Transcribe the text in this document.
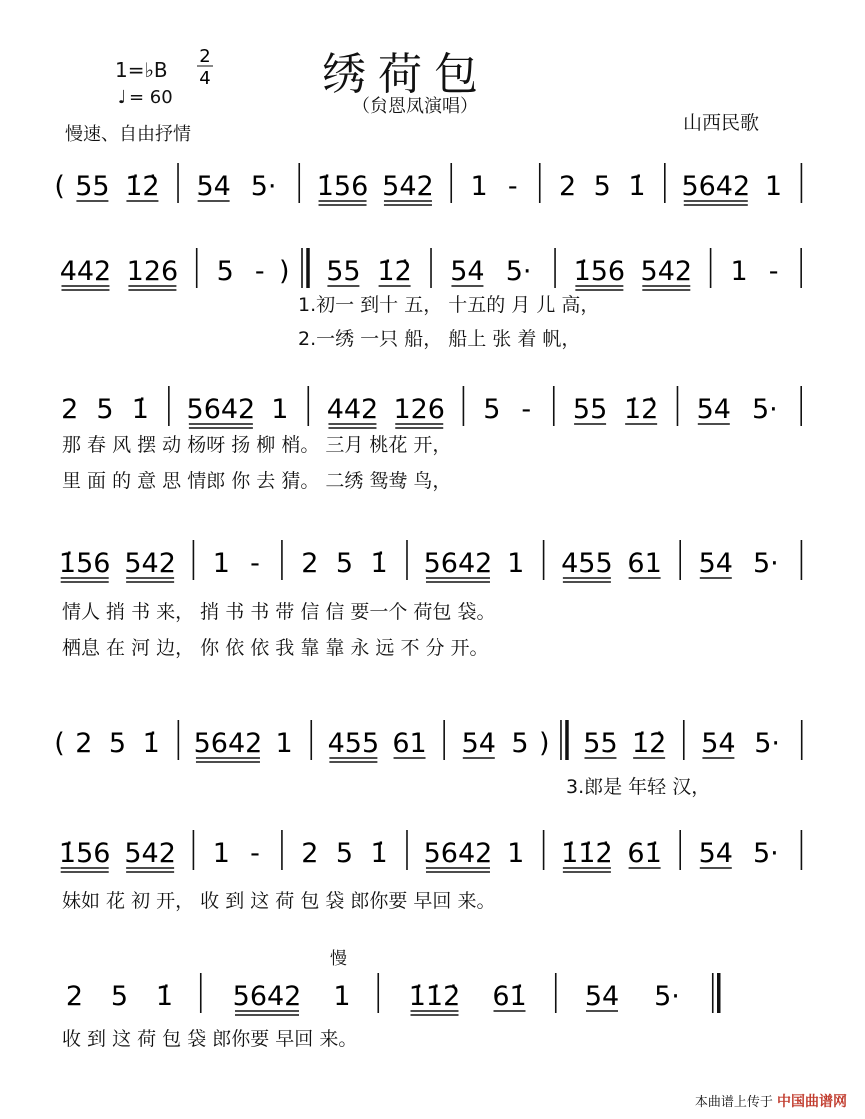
1=♭B
2
4
♩ = 60	绣荷包
（贠恩凤演唱）
慢速、自由抒情
山西民歌
( 55 1̇2̇ 54 5· 1̇56 542 1 - 2 5 1̇ 5642 1
442 126 5 - ) 55 1̇2̇ 54 5· 1̇56 542 1 -
2 5 1̇ 5642 1 442 126 5 - 55 1̇2̇ 54 5·
1̇56 542 1 - 2 5 1̇ 5642 1 455 61 54 5·
( 2 5 1̇ 5642 1 455 61 54 5 ) 55 1̇2̇ 54 5·
1̇56 542 1 - 2 5 1̇ 5642 1 1̇1̇2̇ 61̇ 54 5·
2 5 1̇ 5642 1 1̇1̇2̇ 61̇ 54 5·
1.初一 到十 五， 十五的 月 儿 高，
2.一绣 一只 船， 船上 张 着 帆，
那 春 风 摆 动 杨呀 扬 柳 梢。 三月 桃花 开，
里 面 的 意 思 情郎 你 去 猜。 二绣 鸳鸯 鸟，
情人 捎 书 来， 捎 书 书 带 信 信 要一个 荷包 袋。
栖息 在 河 边， 你 依 依 我 靠 靠 永 远 不 分 开。
3.郎是 年轻 汉，
妹如 花 初 开， 收 到 这 荷 包 袋 郎你要 早回 来。
收 到 这 荷 包 袋 郎你要 早回 来。
慢
本曲谱上传于 中国曲谱网
